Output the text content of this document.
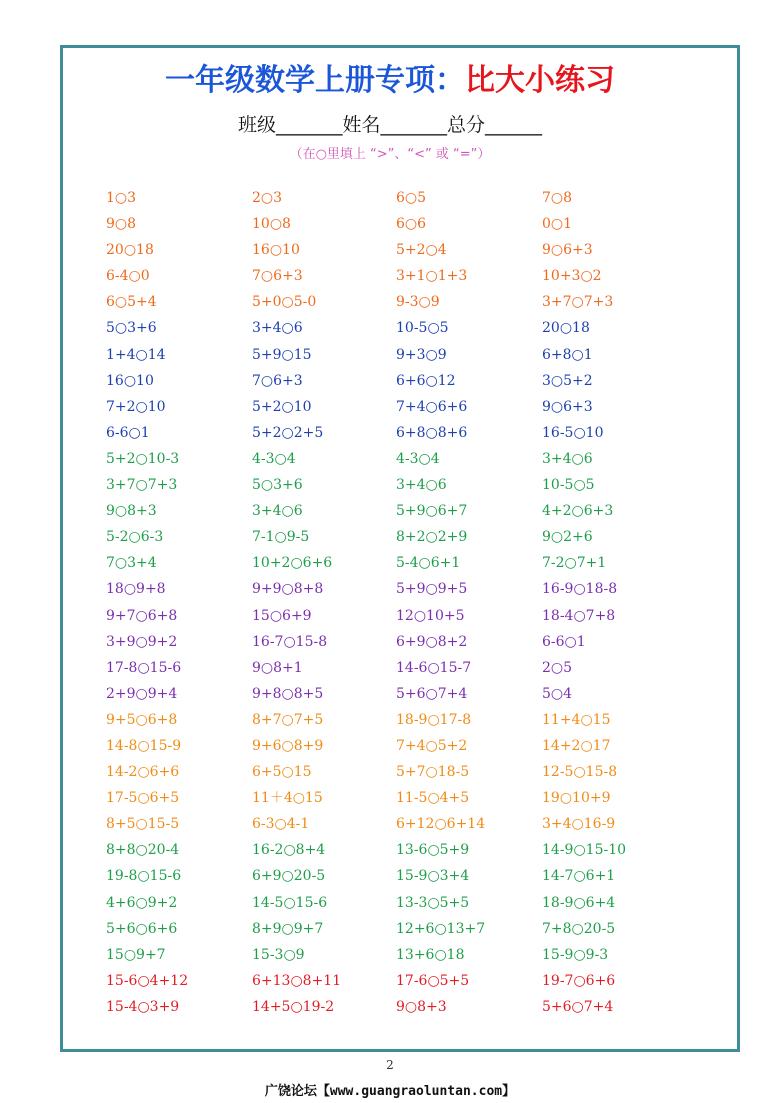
一年级数学上册专项：比大小练习
班级_______姓名_______总分______
（在○里填上 “>”、“<” 或 “=”）
1○3	2○3	6○5	7○8
9○8	10○8	6○6	0○1
20○18	16○10	5+2○4	9○6+3
6-4○0	7○6+3	3+1○1+3	10+3○2
6○5+4	5+0○5-0	9-3○9	3+7○7+3
5○3+6	3+4○6	10-5○5	20○18
1+4○14	5+9○15	9+3○9	6+8○1
16○10	7○6+3	6+6○12	3○5+2
7+2○10	5+2○10	7+4○6+6	9○6+3
6-6○1	5+2○2+5	6+8○8+6	16-5○10
5+2○10-3	4-3○4	4-3○4	3+4○6
3+7○7+3	5○3+6	3+4○6	10-5○5
9○8+3	3+4○6	5+9○6+7	4+2○6+3
5-2○6-3	7-1○9-5	8+2○2+9	9○2+6
7○3+4	10+2○6+6	5-4○6+1	7-2○7+1
18○9+8	9+9○8+8	5+9○9+5	16-9○18-8
9+7○6+8	15○6+9	12○10+5	18-4○7+8
3+9○9+2	16-7○15-8	6+9○8+2	6-6○1
17-8○15-6	9○8+1	14-6○15-7	2○5
2+9○9+4	9+8○8+5	5+6○7+4	5○4
9+5○6+8	8+7○7+5	18-9○17-8	11+4○15
14-8○15-9	9+6○8+9	7+4○5+2	14+2○17
14-2○6+6	6+5○15	5+7○18-5	12-5○15-8
17-5○6+5	11＋4○15	11-5○4+5	19○10+9
8+5○15-5	6-3○4-1	6+12○6+14	3+4○16-9
8+8○20-4	16-2○8+4	13-6○5+9	14-9○15-10
19-8○15-6	6+9○20-5	15-9○3+4	14-7○6+1
4+6○9+2	14-5○15-6	13-3○5+5	18-9○6+4
5+6○6+6	8+9○9+7	12+6○13+7	7+8○20-5
15○9+7	15-3○9	13+6○18	15-9○9-3
15-6○4+12	6+13○8+11	17-6○5+5	19-7○6+6
15-4○3+9	14+5○19-2	9○8+3	5+6○7+4
2
广饶论坛【www.guangraoluntan.com】
